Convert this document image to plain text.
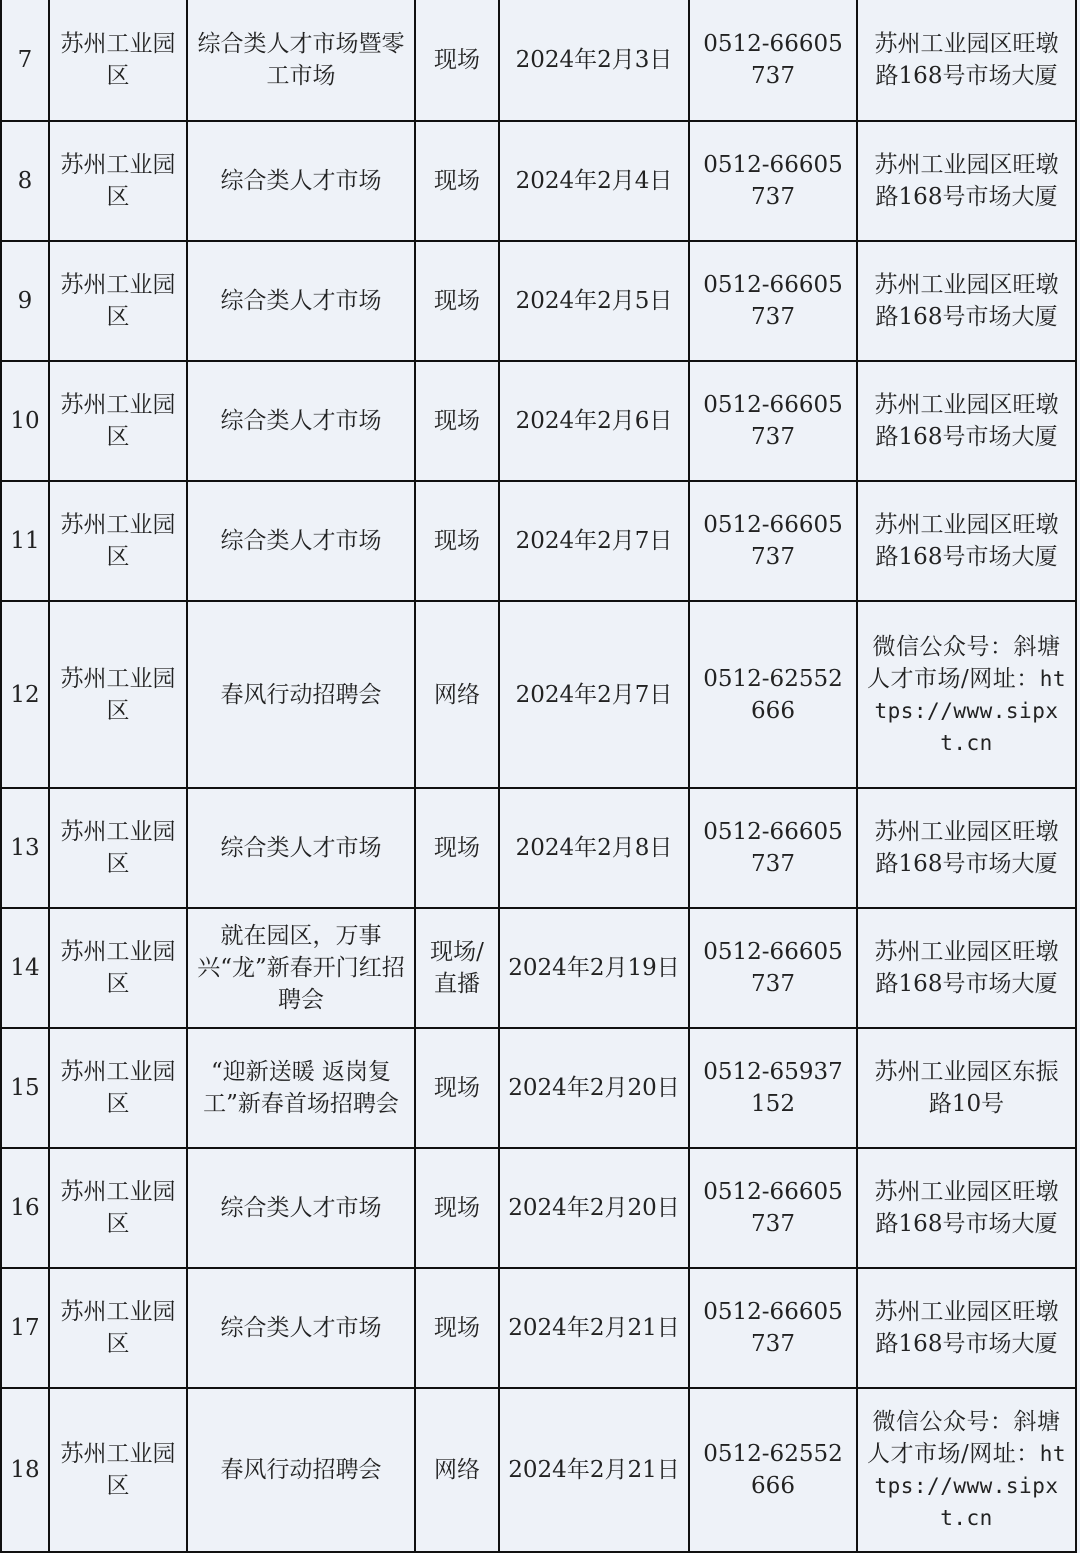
7	苏州工业园区	综合类人才市场暨零工市场	现场	2024年2月3日	0512-66605737	苏州工业园区旺墩路168号市场大厦
8	苏州工业园区	综合类人才市场	现场	2024年2月4日	0512-66605737	苏州工业园区旺墩路168号市场大厦
9	苏州工业园区	综合类人才市场	现场	2024年2月5日	0512-66605737	苏州工业园区旺墩路168号市场大厦
10	苏州工业园区	综合类人才市场	现场	2024年2月6日	0512-66605737	苏州工业园区旺墩路168号市场大厦
11	苏州工业园区	综合类人才市场	现场	2024年2月7日	0512-66605737	苏州工业园区旺墩路168号市场大厦
12	苏州工业园区	春风行动招聘会	网络	2024年2月7日	0512-62552666	微信公众号：斜塘人才市场/网址：https://www.sipxt.cn
13	苏州工业园区	综合类人才市场	现场	2024年2月8日	0512-66605737	苏州工业园区旺墩路168号市场大厦
14	苏州工业园区	就在园区，万事兴“龙”新春开门红招聘会	现场/直播	2024年2月19日	0512-66605737	苏州工业园区旺墩路168号市场大厦
15	苏州工业园区	“迎新送暖 返岗复工”新春首场招聘会	现场	2024年2月20日	0512-65937152	苏州工业园区东振路10号
16	苏州工业园区	综合类人才市场	现场	2024年2月20日	0512-66605737	苏州工业园区旺墩路168号市场大厦
17	苏州工业园区	综合类人才市场	现场	2024年2月21日	0512-66605737	苏州工业园区旺墩路168号市场大厦
18	苏州工业园区	春风行动招聘会	网络	2024年2月21日	0512-62552666	微信公众号：斜塘人才市场/网址：https://www.sipxt.cn
